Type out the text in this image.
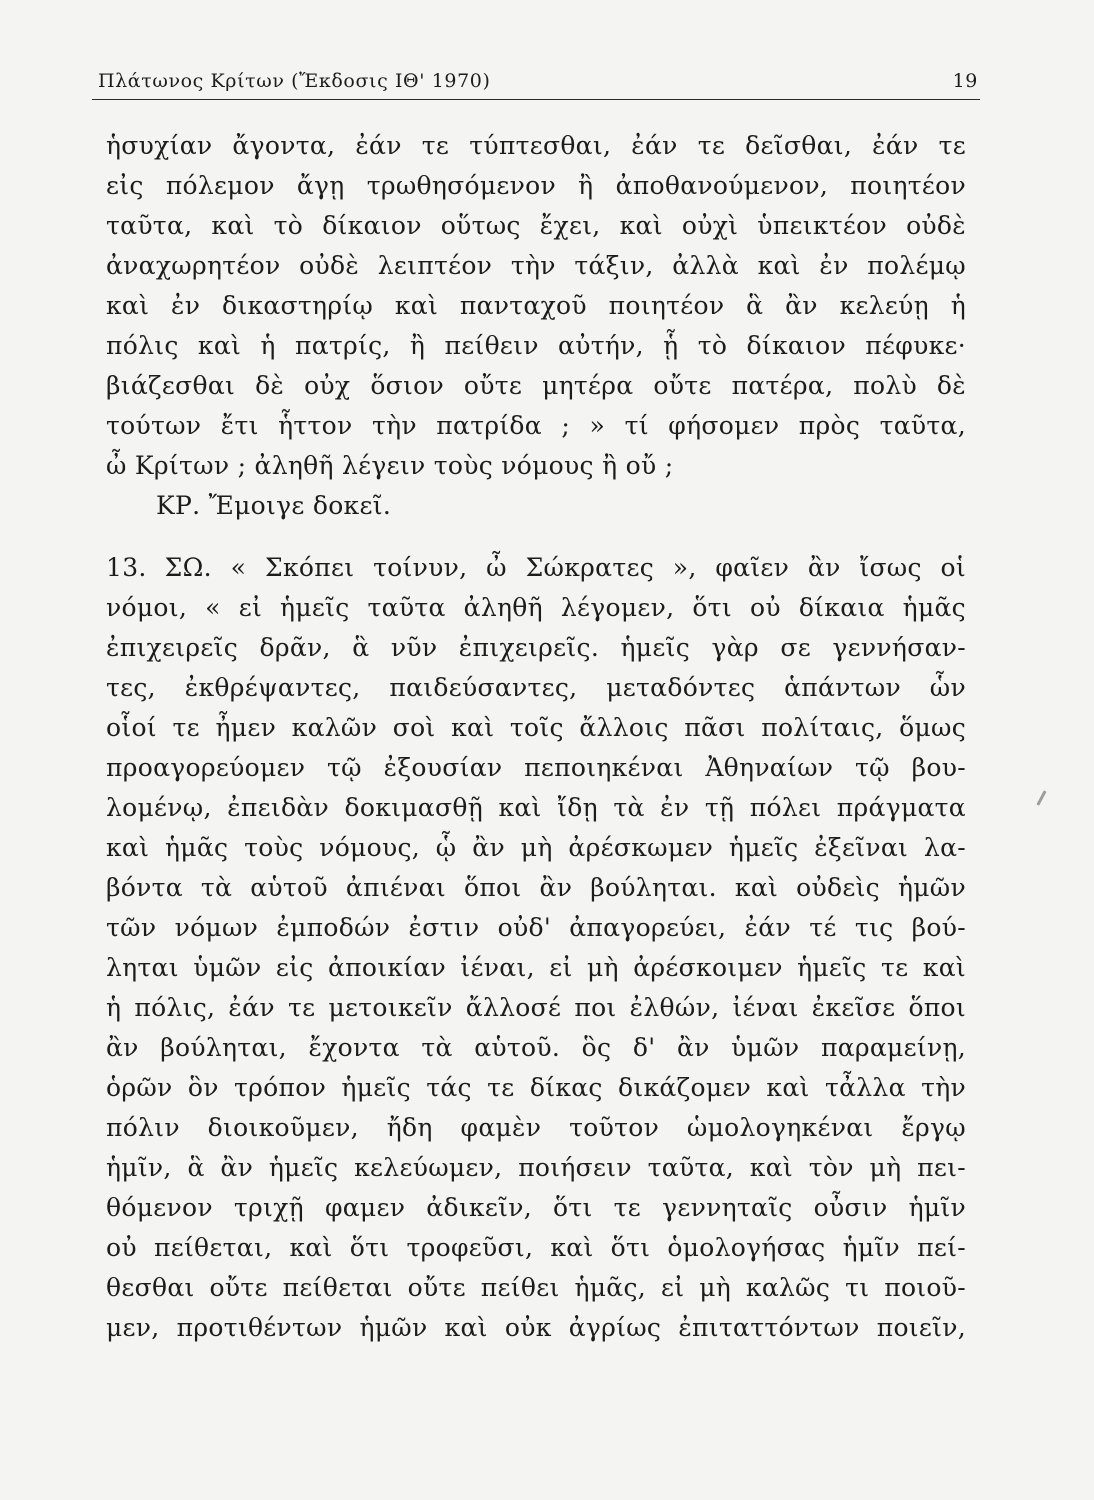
Πλάτωνος Κρίτων (Ἔκδοσις ΙΘ' 1970)	19
ἡσυχίαν ἄγοντα, ἐάν τε τύπτεσθαι, ἐάν τε δεῖσθαι, ἐάν τε
εἰς πόλεμον ἄγῃ τρωθησόμενον ἢ ἀποθανούμενον, ποιητέον
ταῦτα, καὶ τὸ δίκαιον οὕτως ἔχει, καὶ οὐχὶ ὑπεικτέον οὐδὲ
ἀναχωρητέον οὐδὲ λειπτέον τὴν τάξιν, ἀλλὰ καὶ ἐν πολέμῳ
καὶ ἐν δικαστηρίῳ καὶ πανταχοῦ ποιητέον ἃ ἂν κελεύῃ ἡ
πόλις καὶ ἡ πατρίς, ἢ πείθειν αὐτήν, ᾗ τὸ δίκαιον πέφυκε·
βιάζεσθαι δὲ οὐχ ὅσιον οὔτε μητέρα οὔτε πατέρα, πολὺ δὲ
τούτων ἔτι ἧττον τὴν πατρίδα ; » τί φήσομεν πρὸς ταῦτα,
ὦ Κρίτων ; ἀληθῆ λέγειν τοὺς νόμους ἢ οὔ ;
ΚΡ. Ἔμοιγε δοκεῖ.
13. ΣΩ. « Σκόπει τοίνυν, ὦ Σώκρατες », φαῖεν ἂν ἴσως οἱ
νόμοι, « εἰ ἡμεῖς ταῦτα ἀληθῆ λέγομεν, ὅτι οὐ δίκαια ἡμᾶς
ἐπιχειρεῖς δρᾶν, ἃ νῦν ἐπιχειρεῖς. ἡμεῖς γὰρ σε γεννήσαν-
τες, ἐκθρέψαντες, παιδεύσαντες, μεταδόντες ἁπάντων ὧν
οἷοί τε ἦμεν καλῶν σοὶ καὶ τοῖς ἄλλοις πᾶσι πολίταις, ὅμως
προαγορεύομεν τῷ ἐξουσίαν πεποιηκέναι Ἀθηναίων τῷ βου-
λομένῳ, ἐπειδὰν δοκιμασθῇ καὶ ἴδῃ τὰ ἐν τῇ πόλει πράγματα
καὶ ἡμᾶς τοὺς νόμους, ᾧ ἂν μὴ ἀρέσκωμεν ἡμεῖς ἐξεῖναι λα-
βόντα τὰ αὑτοῦ ἀπιέναι ὅποι ἂν βούληται. καὶ οὐδεὶς ἡμῶν
τῶν νόμων ἐμποδών ἐστιν οὐδ' ἀπαγορεύει, ἐάν τέ τις βού-
ληται ὑμῶν εἰς ἀποικίαν ἰέναι, εἰ μὴ ἀρέσκοιμεν ἡμεῖς τε καὶ
ἡ πόλις, ἐάν τε μετοικεῖν ἄλλοσέ ποι ἐλθών, ἰέναι ἐκεῖσε ὅποι
ἂν βούληται, ἔχοντα τὰ αὑτοῦ. ὃς δ' ἂν ὑμῶν παραμείνῃ,
ὁρῶν ὃν τρόπον ἡμεῖς τάς τε δίκας δικάζομεν καὶ τἆλλα τὴν
πόλιν διοικοῦμεν, ἤδη φαμὲν τοῦτον ὡμολογηκέναι ἔργῳ
ἡμῖν, ἃ ἂν ἡμεῖς κελεύωμεν, ποιήσειν ταῦτα, καὶ τὸν μὴ πει-
θόμενον τριχῇ φαμεν ἀδικεῖν, ὅτι τε γεννηταῖς οὖσιν ἡμῖν
οὐ πείθεται, καὶ ὅτι τροφεῦσι, καὶ ὅτι ὁμολογήσας ἡμῖν πεί-
θεσθαι οὔτε πείθεται οὔτε πείθει ἡμᾶς, εἰ μὴ καλῶς τι ποιοῦ-
μεν, προτιθέντων ἡμῶν καὶ οὐκ ἀγρίως ἐπιταττόντων ποιεῖν,
